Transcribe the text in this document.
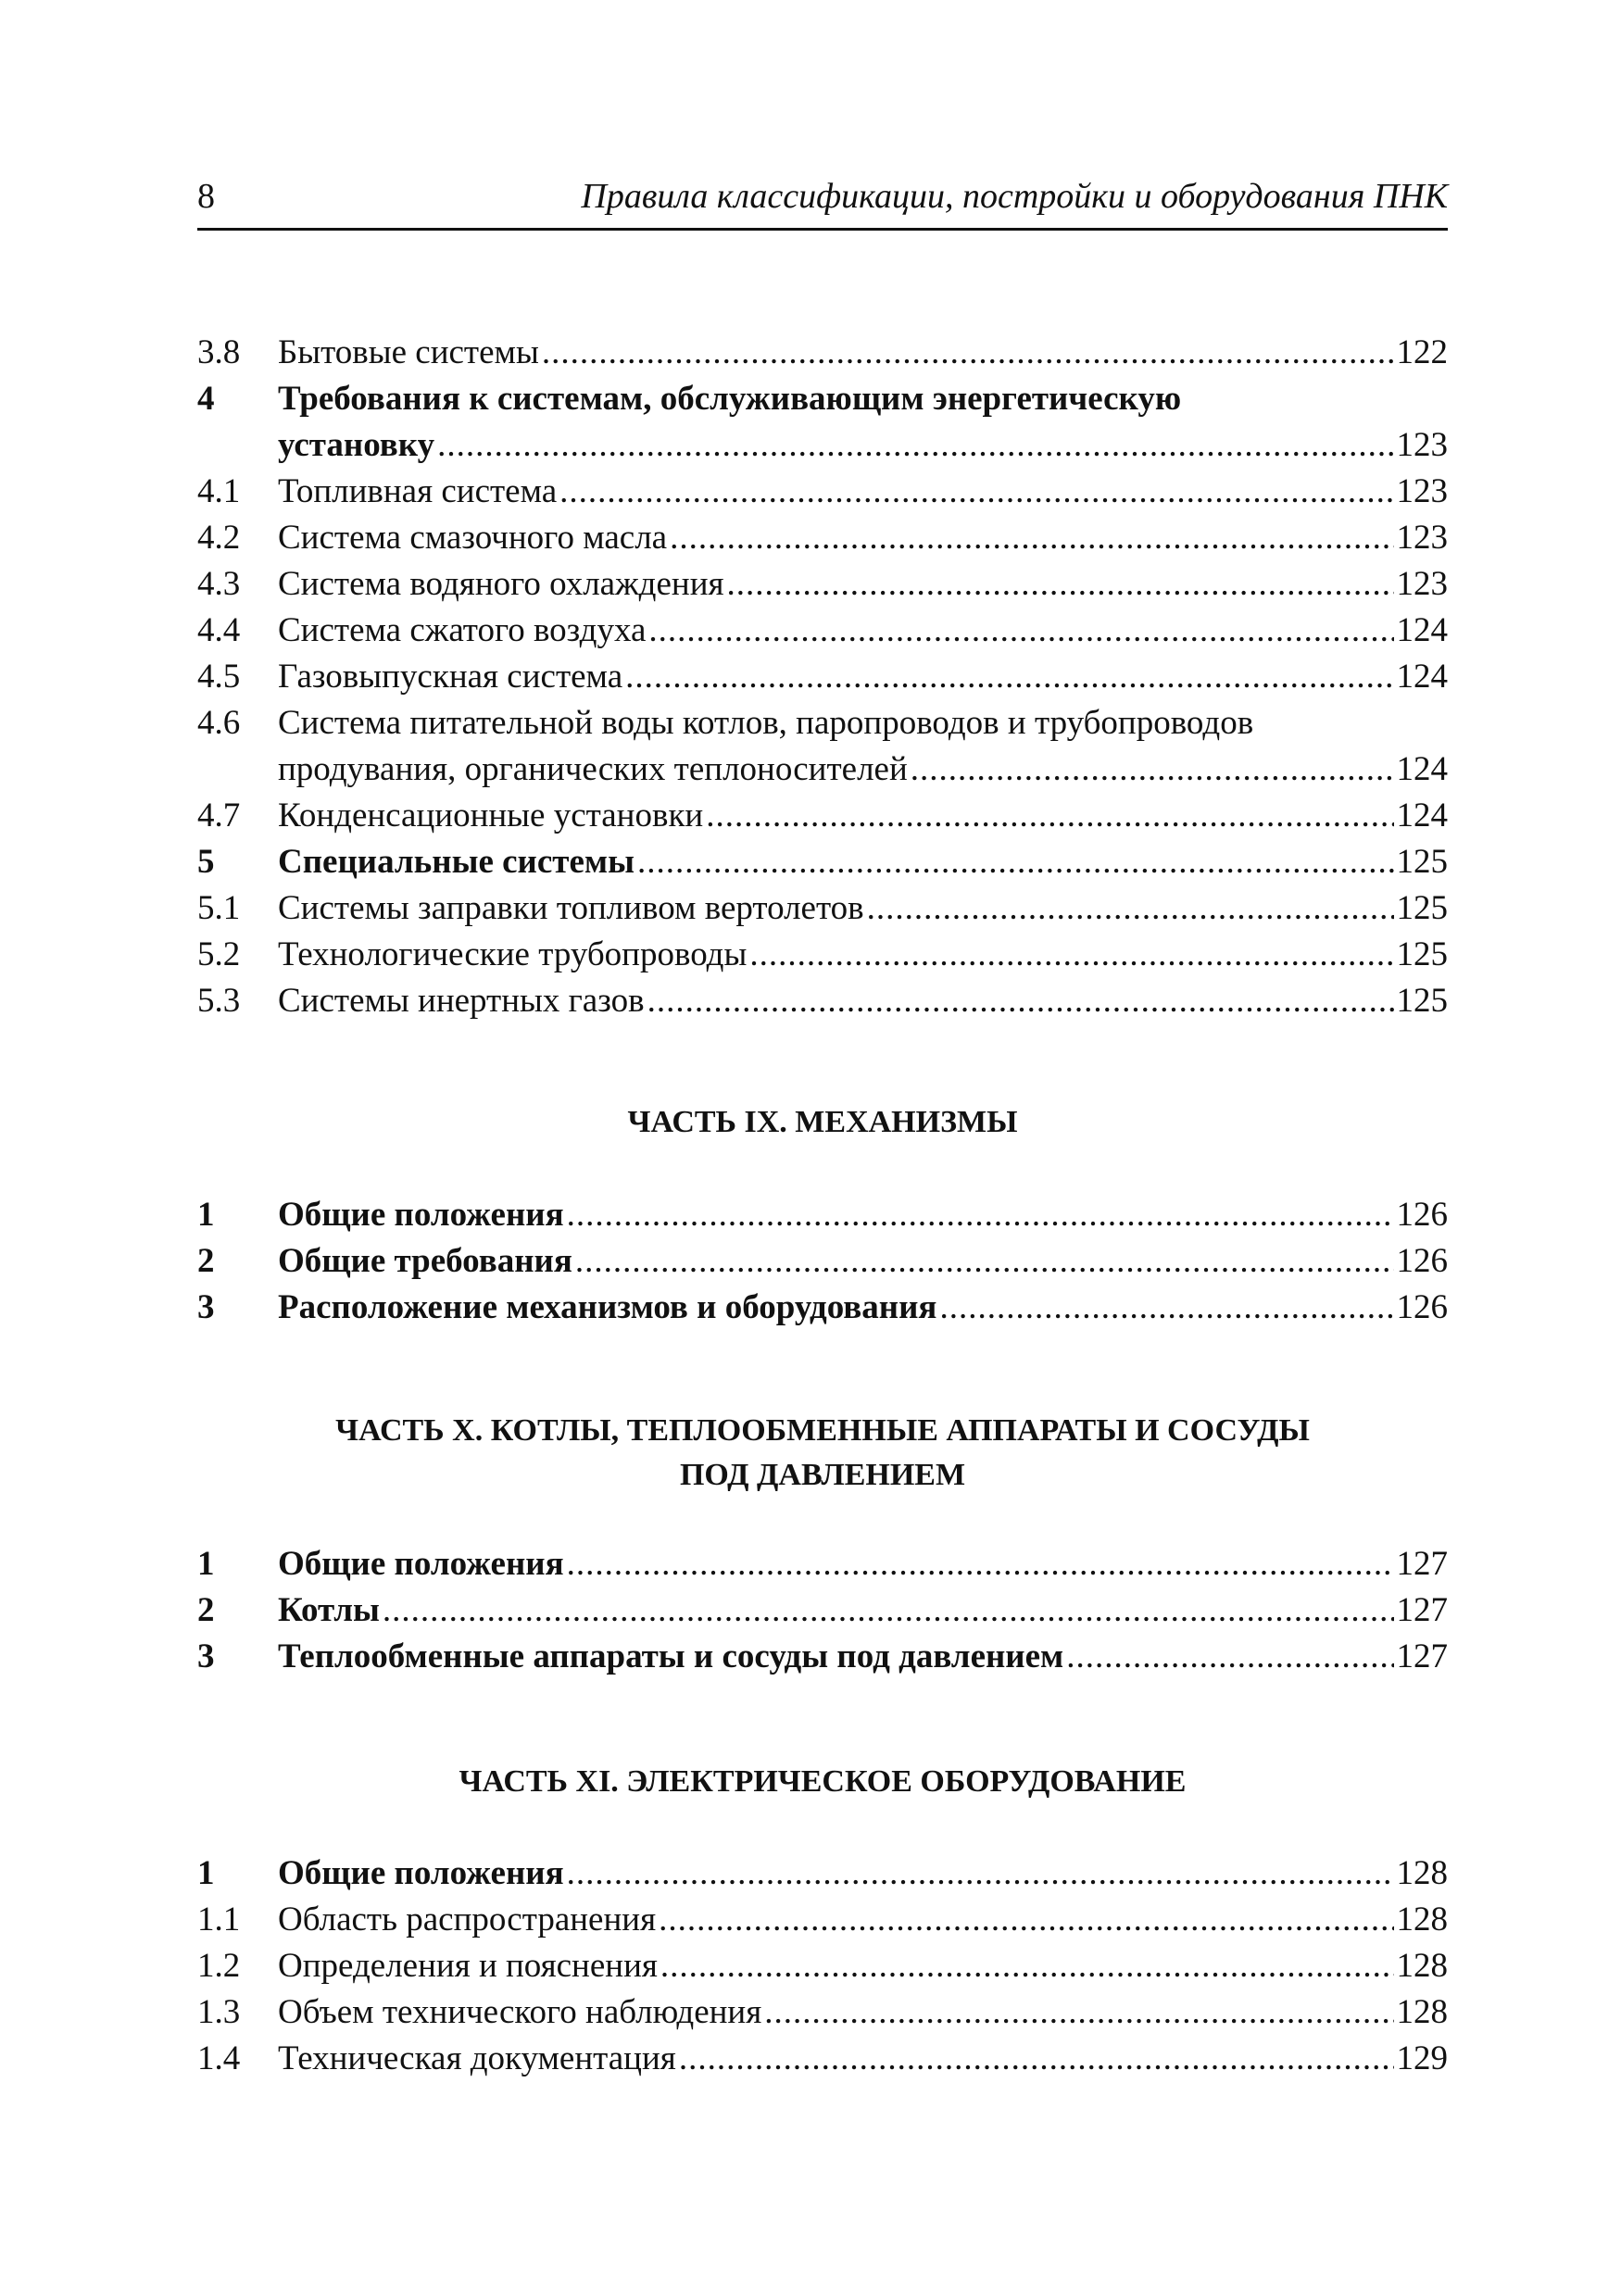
8	Правила классификации, постройки и оборудования ПНК
3.8	Бытовые системы .....	122
4	Требования к системам, обслуживающим энергетическую
установку .....	123
4.1	Топливная система .....	123
4.2	Система смазочного масла .....	123
4.3	Система водяного охлаждения .....	123
4.4	Система сжатого воздуха .....	124
4.5	Газовыпускная система .....	124
4.6	Система питательной воды котлов, паропроводов и трубопроводов
продувания, органических теплоносителей .....	124
4.7	Конденсационные установки .....	124
5	Специальные системы .....	125
5.1	Системы заправки топливом вертолетов .....	125
5.2	Технологические трубопроводы .....	125
5.3	Системы инертных газов .....	125
ЧАСТЬ IX. МЕХАНИЗМЫ
1	Общие положения .....	126
2	Общие требования .....	126
3	Расположение механизмов и оборудования .....	126
ЧАСТЬ X. КОТЛЫ, ТЕПЛООБМЕННЫЕ АППАРАТЫ И СОСУДЫ
ПОД ДАВЛЕНИЕМ
1	Общие положения .....	127
2	Котлы .....	127
3	Теплообменные аппараты и сосуды под давлением .....	127
ЧАСТЬ XI. ЭЛЕКТРИЧЕСКОЕ ОБОРУДОВАНИЕ
1	Общие положения .....	128
1.1	Область распространения .....	128
1.2	Определения и пояснения .....	128
1.3	Объем технического наблюдения .....	128
1.4	Техническая документация .....	129
